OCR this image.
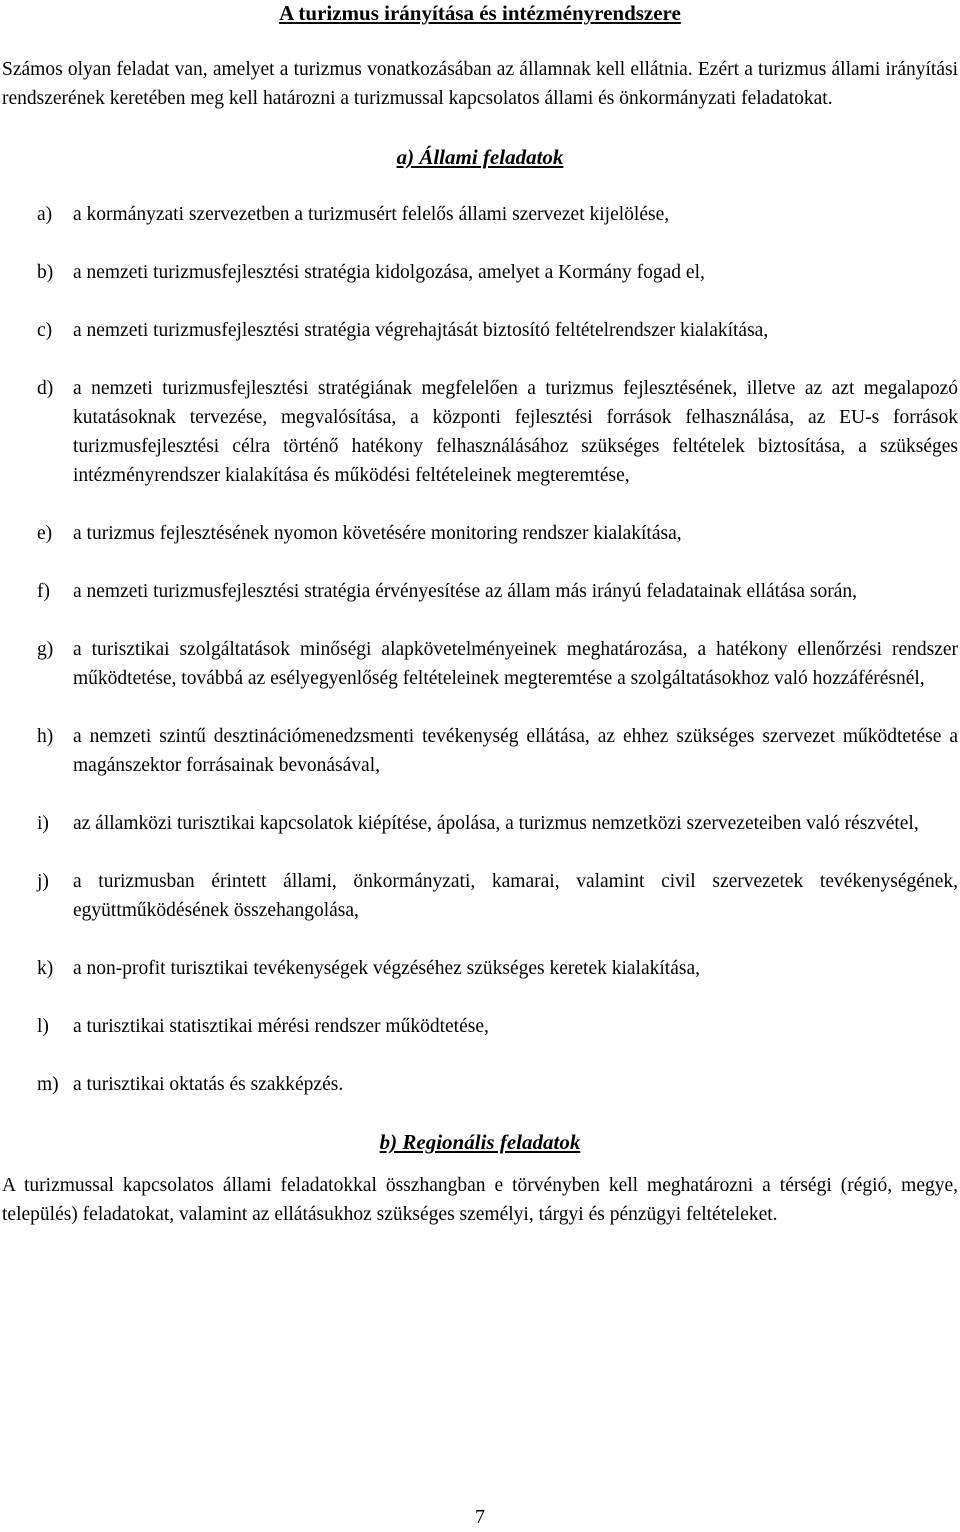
A turizmus irányítása és intézményrendszere

Számos olyan feladat van, amelyet a turizmus vonatkozásában az államnak kell ellátnia. Ezért a turizmus állami irányítási rendszerének keretében meg kell határozni a turizmussal kapcsolatos állami és önkormányzati feladatokat.

a) Állami feladatok
a)	a kormányzati szervezetben a turizmusért felelős állami szervezet kijelölése,
b)	a nemzeti turizmusfejlesztési stratégia kidolgozása, amelyet a Kormány fogad el,
c)	a nemzeti turizmusfejlesztési stratégia végrehajtását biztosító feltételrendszer kialakítása,
d)	a nemzeti turizmusfejlesztési stratégiának megfelelően a turizmus fejlesztésének, illetve az azt megalapozó kutatásoknak tervezése, megvalósítása, a központi fejlesztési források felhasználása, az EU-s források turizmusfejlesztési célra történő hatékony felhasználásához szükséges feltételek biztosítása, a szükséges intézményrendszer kialakítása és működési feltételeinek megteremtése,
e)	a turizmus fejlesztésének nyomon követésére monitoring rendszer kialakítása,
f)	a nemzeti turizmusfejlesztési stratégia érvényesítése az állam más irányú feladatainak ellátása során,
g)	a turisztikai szolgáltatások minőségi alapkövetelményeinek meghatározása, a hatékony ellenőrzési rendszer működtetése, továbbá az esélyegyenlőség feltételeinek megteremtése a szolgáltatásokhoz való hozzáférésnél,
h)	a nemzeti szintű desztinációmenedzsmenti tevékenység ellátása, az ehhez szükséges szervezet működtetése a magánszektor forrásainak bevonásával,
i)	az államközi turisztikai kapcsolatok kiépítése, ápolása, a turizmus nemzetközi szervezeteiben való részvétel,
j)	a turizmusban érintett állami, önkormányzati, kamarai, valamint civil szervezetek tevékenységének, együttműködésének összehangolása,
k)	a non-profit turisztikai tevékenységek végzéséhez szükséges keretek kialakítása,
l)	a turisztikai statisztikai mérési rendszer működtetése,
m) a turisztikai oktatás és szakképzés.
b) Regionális feladatok

A turizmussal kapcsolatos állami feladatokkal összhangban e törvényben kell meghatározni a térségi (régió, megye, település) feladatokat, valamint az ellátásukhoz szükséges személyi, tárgyi és pénzügyi feltételeket.

7
